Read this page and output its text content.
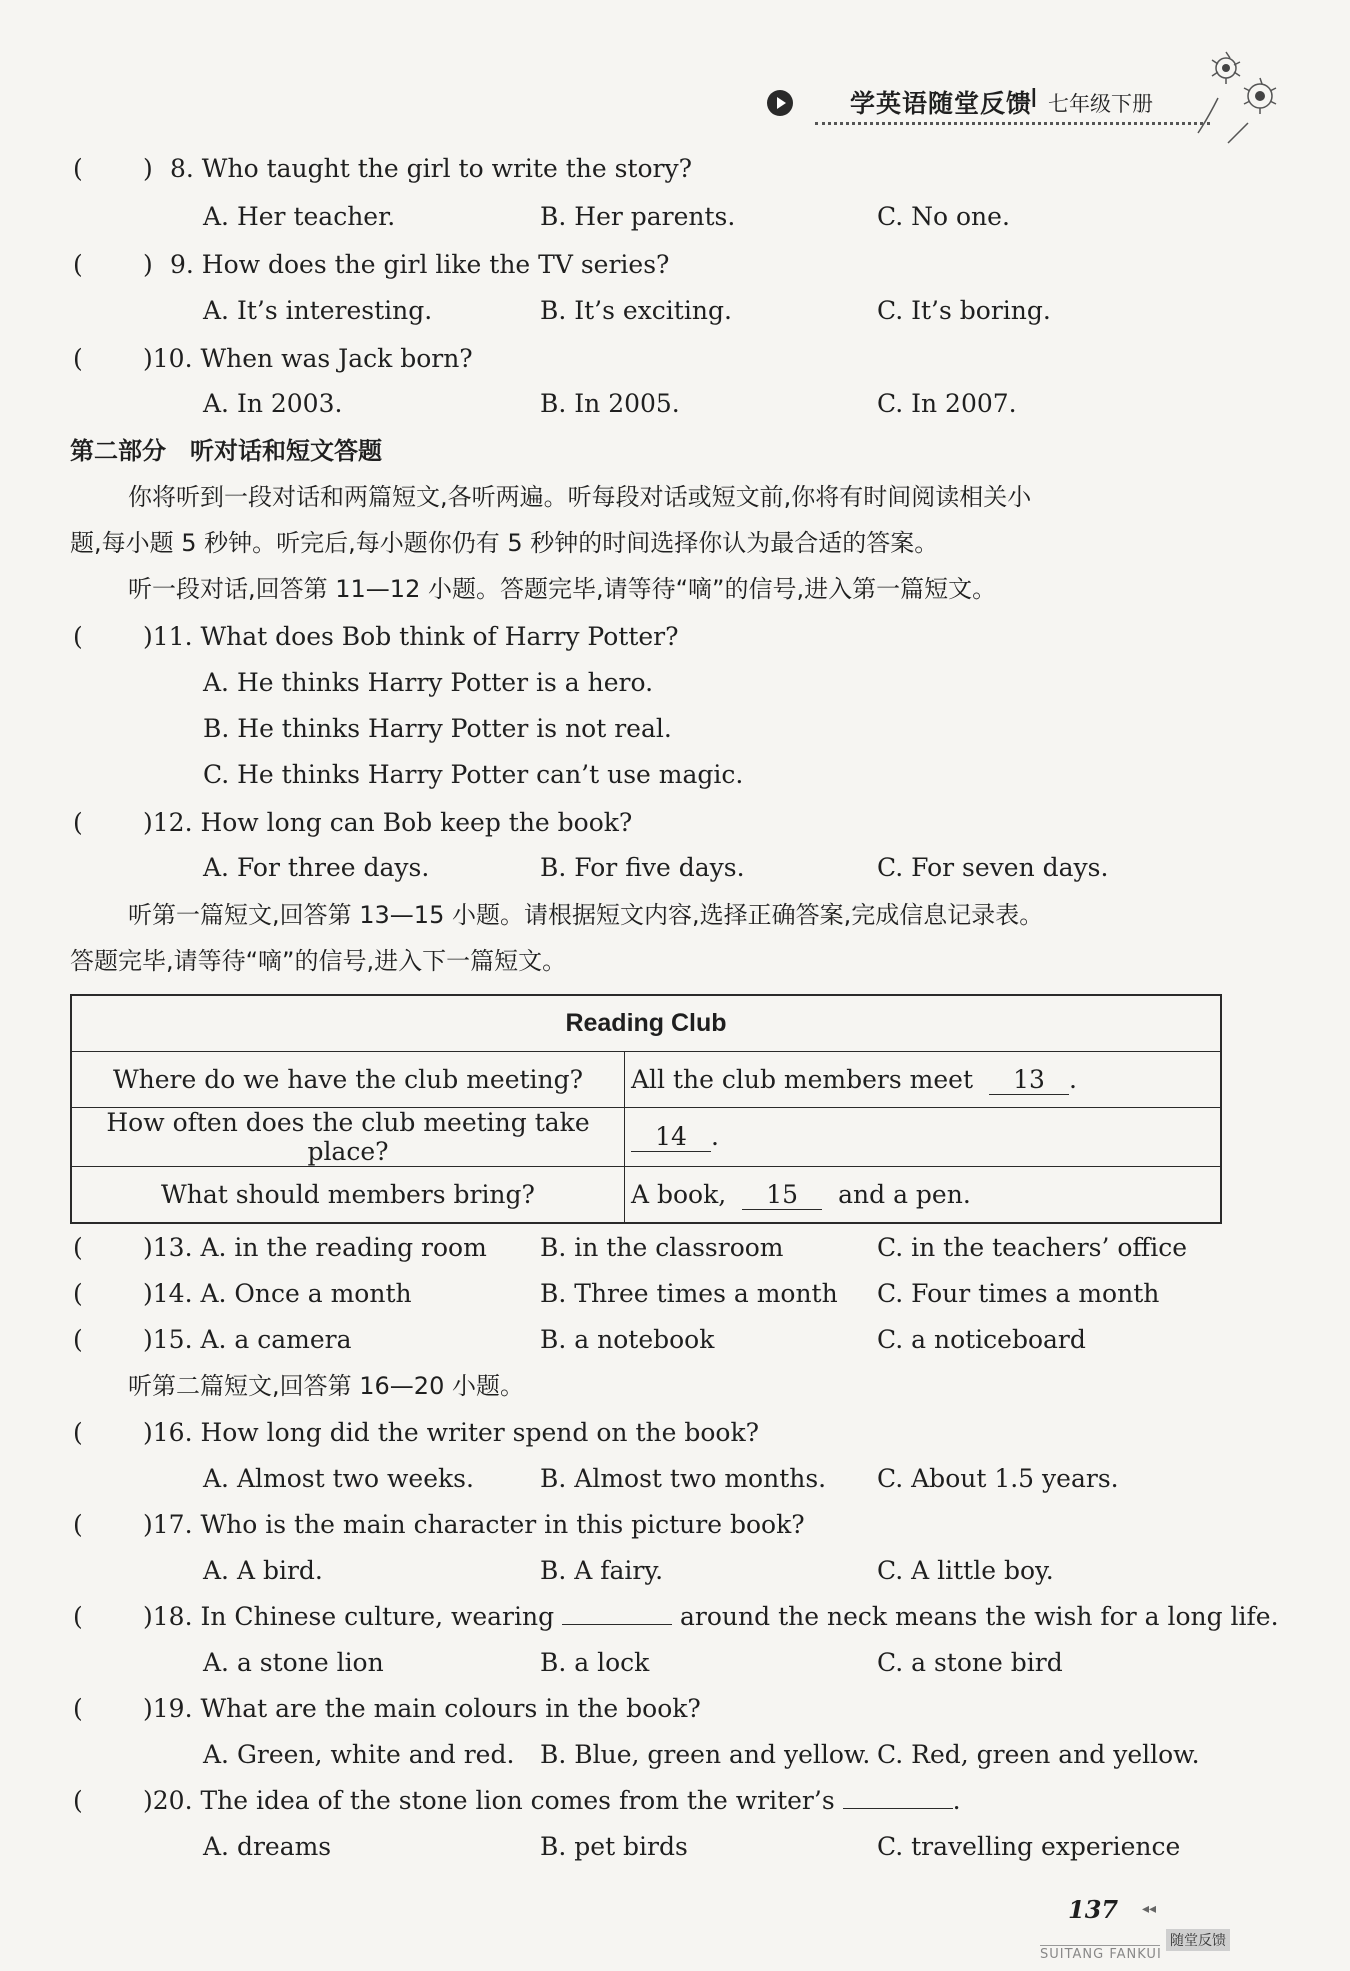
学英语随堂反馈
I 七年级下册
( ) 8. Who taught the girl to write the story?
A. Her teacher.	B. Her parents.	C. No one.
( ) 9. How does the girl like the TV series?
A. It’s interesting.	B. It’s exciting.	C. It’s boring.
( )10. When was Jack born?
A. In 2003.	B. In 2005.	C. In 2007.
第二部分　听对话和短文答题
你将听到一段对话和两篇短文,各听两遍。听每段对话或短文前,你将有时间阅读相关小
题,每小题 5 秒钟。听完后,每小题你仍有 5 秒钟的时间选择你认为最合适的答案。
听一段对话,回答第 11—12 小题。答题完毕,请等待“嘀”的信号,进入第一篇短文。
( )11. What does Bob think of Harry Potter?
A. He thinks Harry Potter is a hero.
B. He thinks Harry Potter is not real.
C. He thinks Harry Potter can’t use magic.
( )12. How long can Bob keep the book?
A. For three days.	B. For five days.	C. For seven days.
听第一篇短文,回答第 13—15 小题。请根据短文内容,选择正确答案,完成信息记录表。
答题完毕,请等待“嘀”的信号,进入下一篇短文。
Reading Club	
Where do we have the club meeting?	All the club members meet 13 .
How often does the club meeting take place?	14 .
What should members bring?	A book, 15 and a pen.
( )13. A. in the reading room B. in the classroom	C. in the teachers’ office
( )14. A. Once a month	B. Three times a month C. Four times a month
( )15. A. a camera	B. a notebook	C. a noticeboard
听第二篇短文,回答第 16—20 小题。
( )16. How long did the writer spend on the book?
A. Almost two weeks.	B. Almost two months. C. About 1.5 years.
( )17. Who is the main character in this picture book?
A. A bird.	B. A fairy.	C. A little boy.
( )18. In Chinese culture, wearing	around the neck means the wish for a long life.
A. a stone lion	B. a lock	C. a stone bird
( )19. What are the main colours in the book?
A. Green, white and red. B. Blue, green and yellow. C. Red, green and yellow.
( )20. The idea of the stone lion comes from the writer’s	.
A. dreams	B. pet birds	C. travelling experience
137 ◂◂
SUITANG FANKUI
随堂反馈
